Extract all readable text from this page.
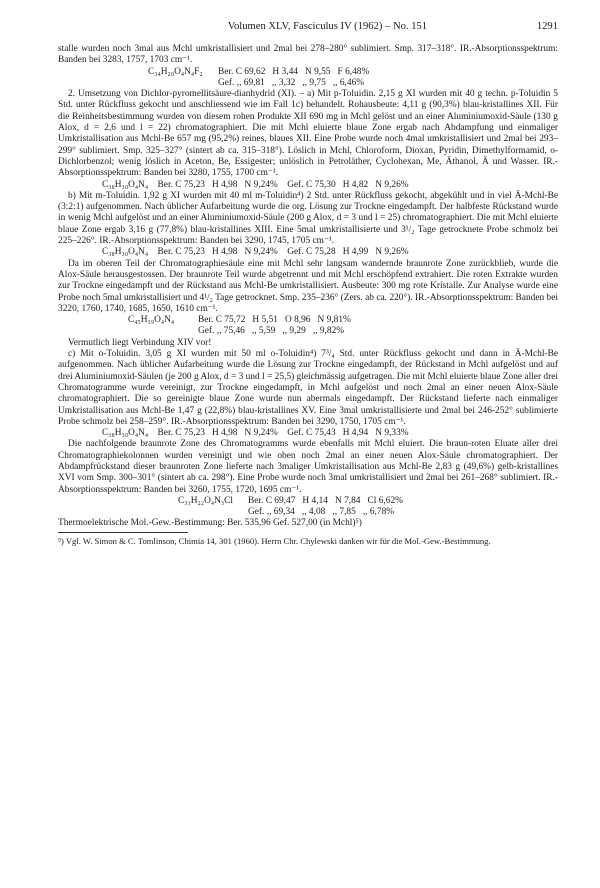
Volumen XLV, Fasciculus IV (1962) – No. 151	1291

stalle wurden noch 3mal aus Mchl umkristallisiert und 2mal bei 278–280° sublimiert. Smp. 317–318°. IR.-Absorptionsspektrum: Banden bei 3283, 1757, 1703 cm⁻¹.

C₃₄H₂₀O₄N₄F₂	Ber. C 69,62   H 3,44   N 9,55   F 6,48%
Gef. ,, 69,81   ,, 3,32   ,, 9,75   ,, 6,46%

2. Umsetzung von Dichlor-pyromellitsäure-dianhydrid (XI). – a) Mit p-Toluidin. 2,15 g XI wurden mit 40 g techn. p-Toluidin 5 Std. unter Rückfluss gekocht und anschliessend wie im Fall 1c) behandelt. Rohausbeute: 4,11 g (90,3%) blau-kristallines XII. Für die Reinheitsbestimmung wurden von diesem rohen Produkte XII 690 mg in Mchl gelöst und an einer Aluminiumoxid-Säule (130 g Alox, d = 2,6 und l = 22) chromatographiert. Die mit Mchl eluierte blaue Zone ergab nach Abdampfung und einmaliger Umkristallisation aus Mchl-Be 657 mg (95,2%) reines, blaues XII. Eine Probe wurde noch 4mal umkristallisiert und 2mal bei 293–299° sublimiert. Smp. 325–327° (sintert ab ca. 315–318°). Löslich in Mchl, Chloroform, Dioxan, Pyridin, Dimethylformamid, o-Dichlorbenzol; wenig löslich in Aceton, Be, Essigester; unlöslich in Petroläther, Cyclohexan, Me, Äthanol, Ä und Wasser. IR.-Absorptionsspektrum: Banden bei 3280, 1755, 1700 cm⁻¹.

C₃₈H₃₀O₄N₄    Ber. C 75,23   H 4,98   N 9,24%    Gef. C 75,30   H 4,82   N 9,26%

b) Mit m-Toluidin. 1,92 g XI wurden mit 40 ml m-Toluidin⁴) 2 Std. unter Rückfluss gekocht, abgekühlt und in viel Ä-Mchl-Be (3:2:1) aufgenommen. Nach üblicher Aufarbeitung wurde die org. Lösung zur Trockne eingedampft. Der halbfeste Rückstand wurde in wenig Mchl aufgelöst und an einer Aluminiumoxid-Säule (200 g Alox, d = 3 und l = 25) chromatographiert. Die mit Mchl eluierte blaue Zone ergab 3,16 g (77,8%) blau-kristallines XIII. Eine 5mal umkristallisierte und 3¹/₂ Tage getrocknete Probe schmolz bei 225–226°. IR.-Absorptionsspektrum: Banden bei 3290, 1745, 1705 cm⁻¹.

C₃₈H₃₀O₄N₄    Ber. C 75,23   H 4,98   N 9,24%    Gef. C 75,28   H 4,99   N 9,26%

Da im oberen Teil der Chromatographiesäule eine mit Mchl sehr langsam wandernde braunrote Zone zurückblieb, wurde die Alox-Säule herausgestossen. Der braunrote Teil wurde abgetrennt und mit Mchl erschöpfend extrahiert. Die roten Extrakte wurden zur Trockne eingedampft und der Rückstand aus Mchl-Be umkristallisiert. Ausbeute: 300 mg rote Kristalle. Zur Analyse wurde eine Probe noch 5mal umkristallisiert und 4¹/₂ Tage getrocknet. Smp. 235–236° (Zers. ab ca. 220°). IR.-Absorptionsspektrum: Banden bei 3220, 1760, 1740, 1685, 1650, 1610 cm⁻¹.

C₄₅H₃₉O₄N₄	Ber. C 75,72   H 5,51   O 8,96   N 9,81%
Gef. ,, 75,46   ,, 5,59   ,, 9,29   ,, 9,82%

Vermutlich liegt Verbindung XIV vor!

c) Mit o-Toluidin. 3,05 g XI wurden mit 50 ml o-Toluidin⁴) 7³/₄ Std. unter Rückfluss gekocht und dann in Ä-Mchl-Be aufgenommen. Nach üblicher Aufarbeitung wurde die Lösung zur Trockne eingedampft, der Rückstand in Mchl aufgelöst und auf drei Aluminiumoxid-Säulen (je 200 g Alox, d = 3 und l = 25,5) gleichmässig aufgetragen. Die mit Mchl eluierte blaue Zone aller drei Chromatogramme wurde vereinigt, zur Trockne eingedampft, in Mchl aufgelöst und noch 2mal an einer neuen Alox-Säule chromatographiert. Die so gereinigte blaue Zone wurde nun abermals eingedampft. Der Rückstand lieferte nach einmaliger Umkristallisation aus Mchl-Be 1,47 g (22,8%) blau-kristallines XV. Eine 3mal umkristallisierte und 2mal bei 246-252° sublimierte Probe schmolz bei 258–259°. IR.-Absorptionsspektrum: Banden bei 3290, 1750, 1705 cm⁻¹.

C₃₈H₃₀O₄N₄    Ber. C 75,23   H 4,98   N 9,24%    Gef. C 75,43   H 4,94   N 9,33%

Die nachfolgende braunrote Zone des Chromatogramms wurde ebenfalls mit Mchl eluiert. Die braun-roten Eluate aller drei Chromatographiekolonnen wurden vereinigt und wie oben noch 2mal an einer neuen Alox-Säule chromatographiert. Der Abdampfrückstand dieser braunroten Zone lieferte nach 3maliger Umkristallisation aus Mchl-Be 2,83 g (49,6%) gelb-kristallines XVI vom Smp. 300–301° (sintert ab ca. 298°). Eine Probe wurde noch 3mal umkristallisiert und 2mal bei 261–268° sublimiert. IR.-Absorptionsspektrum: Banden bei 3260, 1755, 1720, 1695 cm⁻¹.

C₃₁H₂₂O₄N₃Cl	Ber. C 69,47   H 4,14   N 7,84   Cl 6,62%
Gef. ,, 69,34   ,, 4,08   ,, 7,85   ,, 6,78%

Thermoelektrische Mol.-Gew.-Bestimmung: Ber. 535,96 Gef. 527,00 (in Mchl)⁵)

⁵) Vgl. W. Simon & C. Tomlinson, Chimia 14, 301 (1960). Herrn Chr. Chylewski danken wir für die Mol.-Gew.-Bestimmung.
